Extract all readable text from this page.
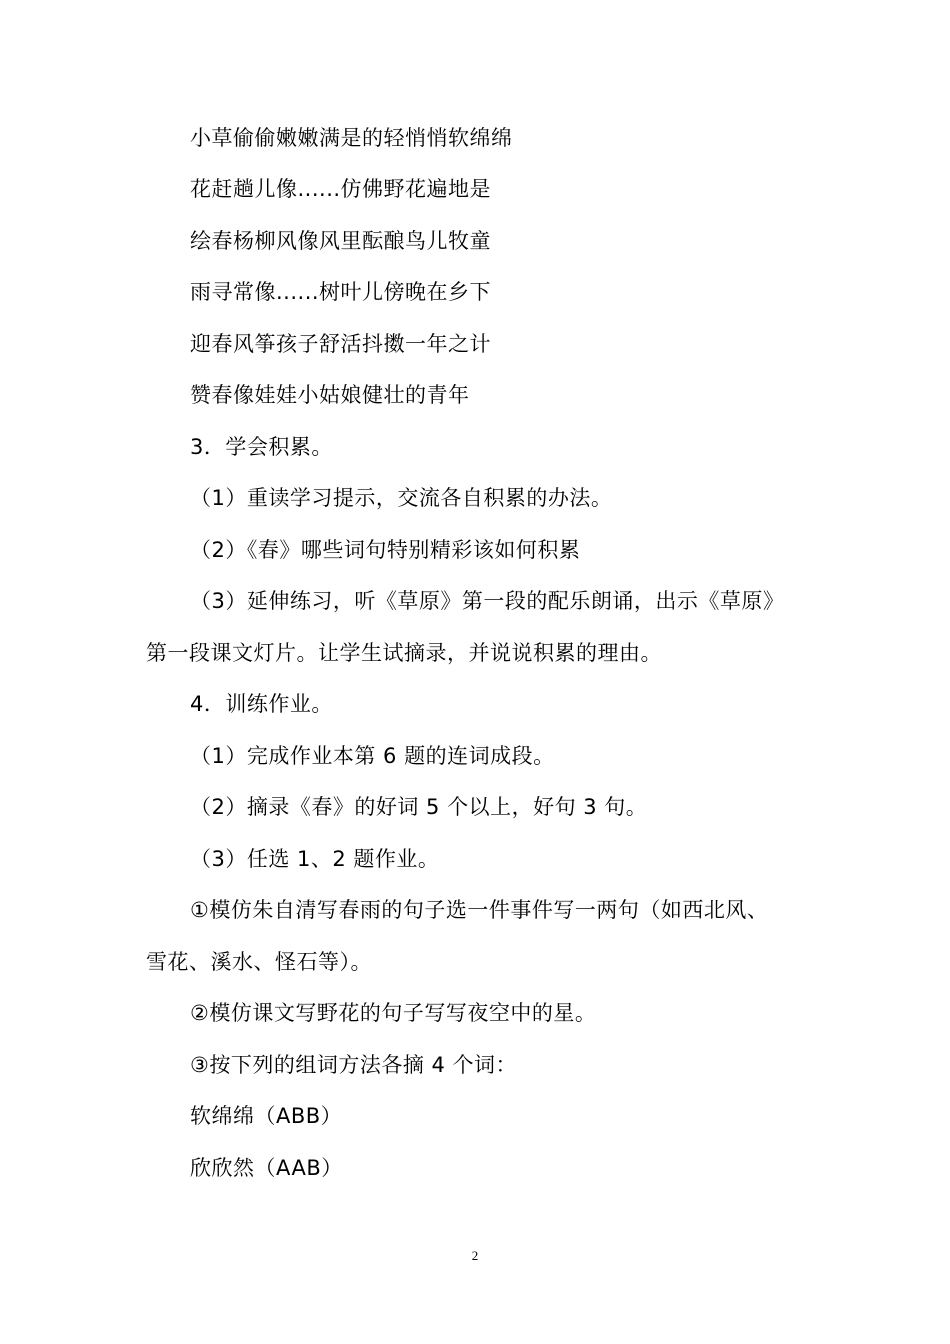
小草偷偷嫩嫩满是的轻悄悄软绵绵
花赶趟儿像......仿佛野花遍地是
绘春杨柳风像风里酝酿鸟儿牧童
雨寻常像......树叶儿傍晚在乡下
迎春风筝孩子舒活抖擞一年之计
赞春像娃娃小姑娘健壮的青年
3．学会积累。
（1）重读学习提示，交流各自积累的办法。
（2）《春》哪些词句特别精彩该如何积累
（3）延伸练习，听《草原》第一段的配乐朗诵，出示《草原》
第一段课文灯片。让学生试摘录，并说说积累的理由。
4．训练作业。
（1）完成作业本第 6 题的连词成段。
（2）摘录《春》的好词 5 个以上，好句 3 句。
（3）任选 1、2 题作业。
①模仿朱自清写春雨的句子选一件事件写一两句（如西北风、
雪花、溪水、怪石等）。
②模仿课文写野花的句子写写夜空中的星。
③按下列的组词方法各摘 4 个词：
软绵绵（ABB）
欣欣然（AAB）
2
